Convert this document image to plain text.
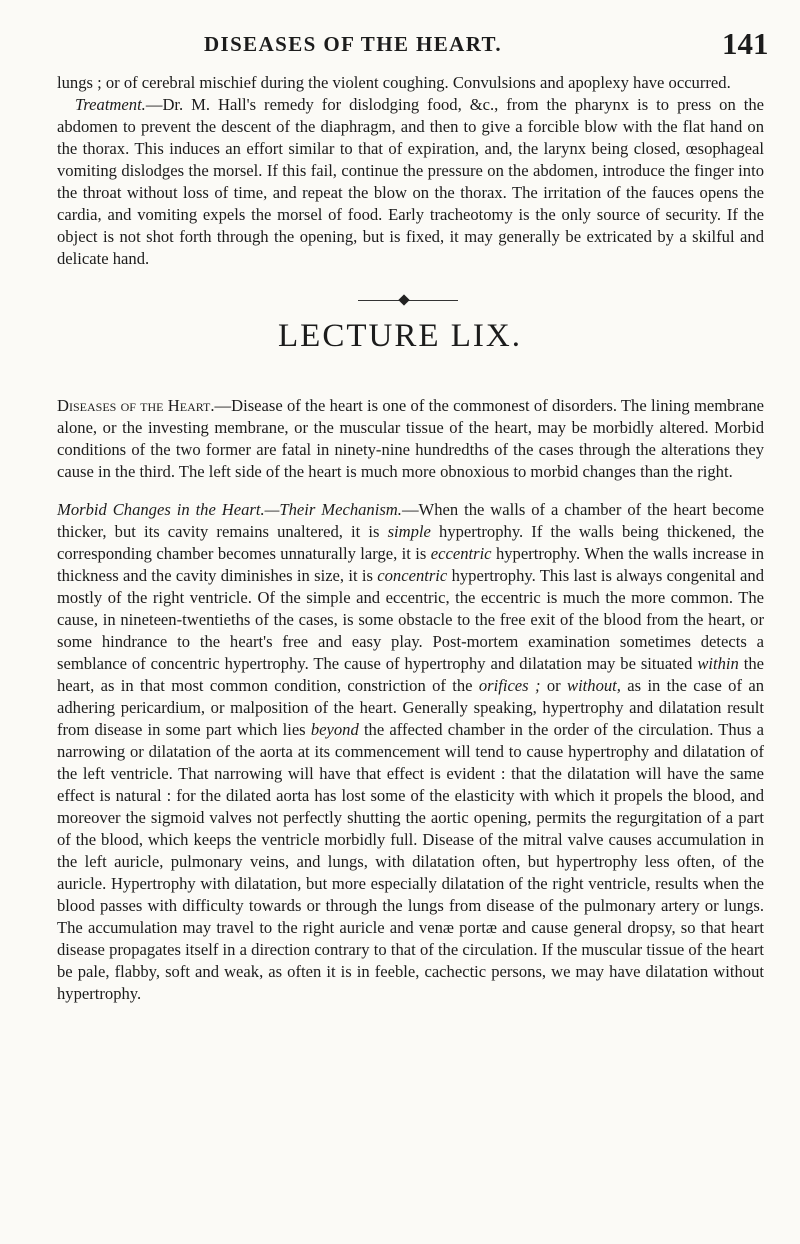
DISEASES OF THE HEART.	141

lungs ; or of cerebral mischief during the violent coughing. Convulsions and apoplexy have occurred.

Treatment.—Dr. M. Hall's remedy for dislodging food, &c., from the pharynx is to press on the abdomen to prevent the descent of the diaphragm, and then to give a forcible blow with the flat hand on the thorax. This induces an effort similar to that of expiration, and, the larynx being closed, œsophageal vomiting dislodges the morsel. If this fail, continue the pressure on the abdomen, introduce the finger into the throat without loss of time, and repeat the blow on the thorax. The irritation of the fauces opens the cardia, and vomiting expels the morsel of food. Early tracheotomy is the only source of security. If the object is not shot forth through the opening, but is fixed, it may generally be extricated by a skilful and delicate hand.

LECTURE LIX.

Diseases of the Heart.—Disease of the heart is one of the commonest of disorders. The lining membrane alone, or the investing membrane, or the muscular tissue of the heart, may be morbidly altered. Morbid conditions of the two former are fatal in ninety-nine hundredths of the cases through the alterations they cause in the third. The left side of the heart is much more obnoxious to morbid changes than the right.

Morbid Changes in the Heart.—Their Mechanism.—When the walls of a chamber of the heart become thicker, but its cavity remains unaltered, it is simple hypertrophy. If the walls being thickened, the corresponding chamber becomes unnaturally large, it is eccentric hypertrophy. When the walls increase in thickness and the cavity diminishes in size, it is concentric hypertrophy. This last is always congenital and mostly of the right ventricle. Of the simple and eccentric, the eccentric is much the more common. The cause, in nineteen-twentieths of the cases, is some obstacle to the free exit of the blood from the heart, or some hindrance to the heart's free and easy play. Post-mortem examination sometimes detects a semblance of concentric hypertrophy. The cause of hypertrophy and dilatation may be situated within the heart, as in that most common condition, constriction of the orifices ; or without, as in the case of an adhering pericardium, or malposition of the heart. Generally speaking, hypertrophy and dilatation result from disease in some part which lies beyond the affected chamber in the order of the circulation. Thus a narrowing or dilatation of the aorta at its commencement will tend to cause hypertrophy and dilatation of the left ventricle. That narrowing will have that effect is evident : that the dilatation will have the same effect is natural : for the dilated aorta has lost some of the elasticity with which it propels the blood, and moreover the sigmoid valves not perfectly shutting the aortic opening, permits the regurgitation of a part of the blood, which keeps the ventricle morbidly full. Disease of the mitral valve causes accumulation in the left auricle, pulmonary veins, and lungs, with dilatation often, but hypertrophy less often, of the auricle. Hypertrophy with dilatation, but more especially dilatation of the right ventricle, results when the blood passes with difficulty towards or through the lungs from disease of the pulmonary artery or lungs. The accumulation may travel to the right auricle and venæ portæ and cause general dropsy, so that heart disease propagates itself in a direction contrary to that of the circulation. If the muscular tissue of the heart be pale, flabby, soft and weak, as often it is in feeble, cachectic persons, we may have dilatation without hypertrophy.
